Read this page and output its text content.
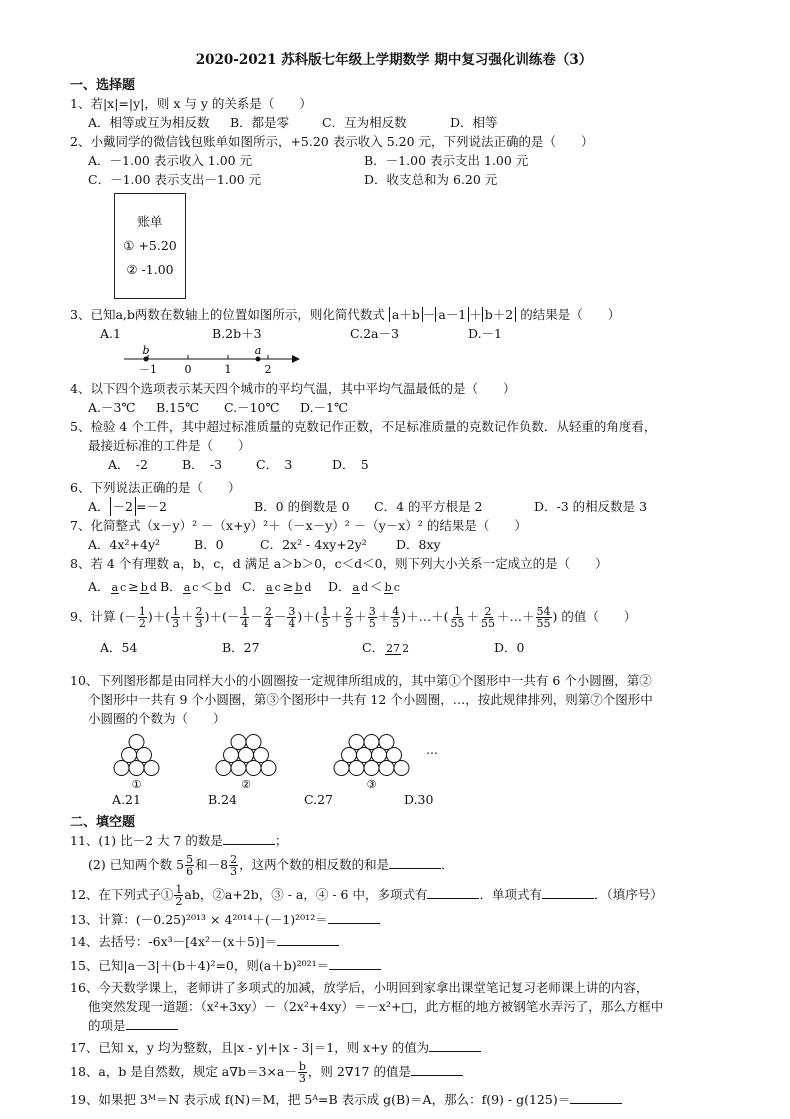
2020-2021 苏科版七年级上学期数学 期中复习强化训练卷（3）
一、选择题
1、若|x|=|y|，则 x 与 y 的关系是（　　）
A．相等或互为相反数	B．都是零	C．互为相反数	D．相等
2、小戴同学的微信钱包账单如图所示，+5.20 表示收入 5.20 元，下列说法正确的是（　　）
A．－1.00 表示收入 1.00 元	B．－1.00 表示支出 1.00 元
C．－1.00 表示支出－1.00 元	D．收支总和为 6.20 元
账单
① +5.20
② -1.00
3、已知a,b两数在数轴上的位置如图所示，则化简代数式 a＋b － a－1 ＋ b＋2 的结果是（　　）
A.1	B.2b＋3	C.2a－3	D.－1
－1	0	1	2
b	a
4、以下四个选项表示某天四个城市的平均气温，其中平均气温最低的是（　　）
A.－3℃	B.15℃	C.－10℃	D.－1℃
5、检验 4 个工件，其中超过标准质量的克数记作正数，不足标准质量的克数记作负数．从轻重的角度看，
最接近标准的工件是（　　）
A．　-2	B．　-3	C．　3	D．　5
6、下列说法正确的是（　　）
A． －2 =－2	B．0 的倒数是 0	C．4 的平方根是 2	D．-3 的相反数是 3
7、化简整式（x－y）² －（x+y）²＋（－x－y）² －（y－x）² 的结果是（　　）
A．4x²+4y²	B．0	C．2x² - 4xy+2y²	D．8xy
8、若 4 个有理数 a，b，c，d 满足 a＞b＞0，c＜d＜0，则下列大小关系一定成立的是（　　）
A． a c ≥ b d B． a c ＜ b d C． a c ≥ b d	D． a d ＜ b c
9、计算 (－ $\frac{1}{2}$ )＋( $\frac{1}{3} + \frac{2}{3}$ )＋(－ $\frac{1}{4} - \frac{2}{4} - \frac{3}{4}$ )＋( $\frac{1}{5} + \frac{2}{5} + \frac{3}{5} + \frac{4}{5}$ )＋…＋( $\frac{1}{55} + \frac{2}{55}$ ＋…＋ $\frac{54}{55}$ ) 的值（　　）
A．54	B．27	C． 27 2	D．0
10、下列图形都是由同样大小的小圆圈按一定规律所组成的，其中第①个图形中一共有 6 个小圆圈，第②
个图形中一共有 9 个小圆圈，第③个图形中一共有 12 个小圆圈，…，按此规律排列，则第⑦个图形中
小圆圈的个数为（　　）
①	②	③
…
A.21	B.24	C.27	D.30
二、填空题
11、(1) 比－2 大 7 的数是	；
(2) 已知两个数 $5 \frac{5}{6}$ 和$-8 \frac{2}{3}$ ，这两个数的相反数的和是	．
12、在下列式子① $\frac{1}{2}$ ab，②a+2b，③ - a，④ - 6 中，多项式有	．单项式有	．（填序号）
13、计算：(－0.25)²⁰¹³ × 4²⁰¹⁴＋(－1)²⁰¹²＝
14、去括号：-6x³－[4x²－(x＋5)]＝
15、已知|a－3|＋(b＋4)²=0，则(a＋b)²⁰²¹＝
16、今天数学课上，老师讲了多项式的加减，放学后，小明回到家拿出课堂笔记复习老师课上讲的内容，
他突然发现一道题：（x²+3xy）－（2x²+4xy）＝－x²+□，此方框的地方被钢笔水弄污了，那么方框中
的项是
17、已知 x，y 均为整数，且|x - y|+|x - 3|＝1，则 x+y 的值为
18、a，b 是自然数，规定 $a\nabla b=3\times a- \frac{b}{3}$ ，则 2∇17 的值是
19、如果把 3ᴹ＝N 表示成 f(N)＝M，把 5ᴬ=B 表示成 g(B)＝A，那么：f(9) - g(125)＝
